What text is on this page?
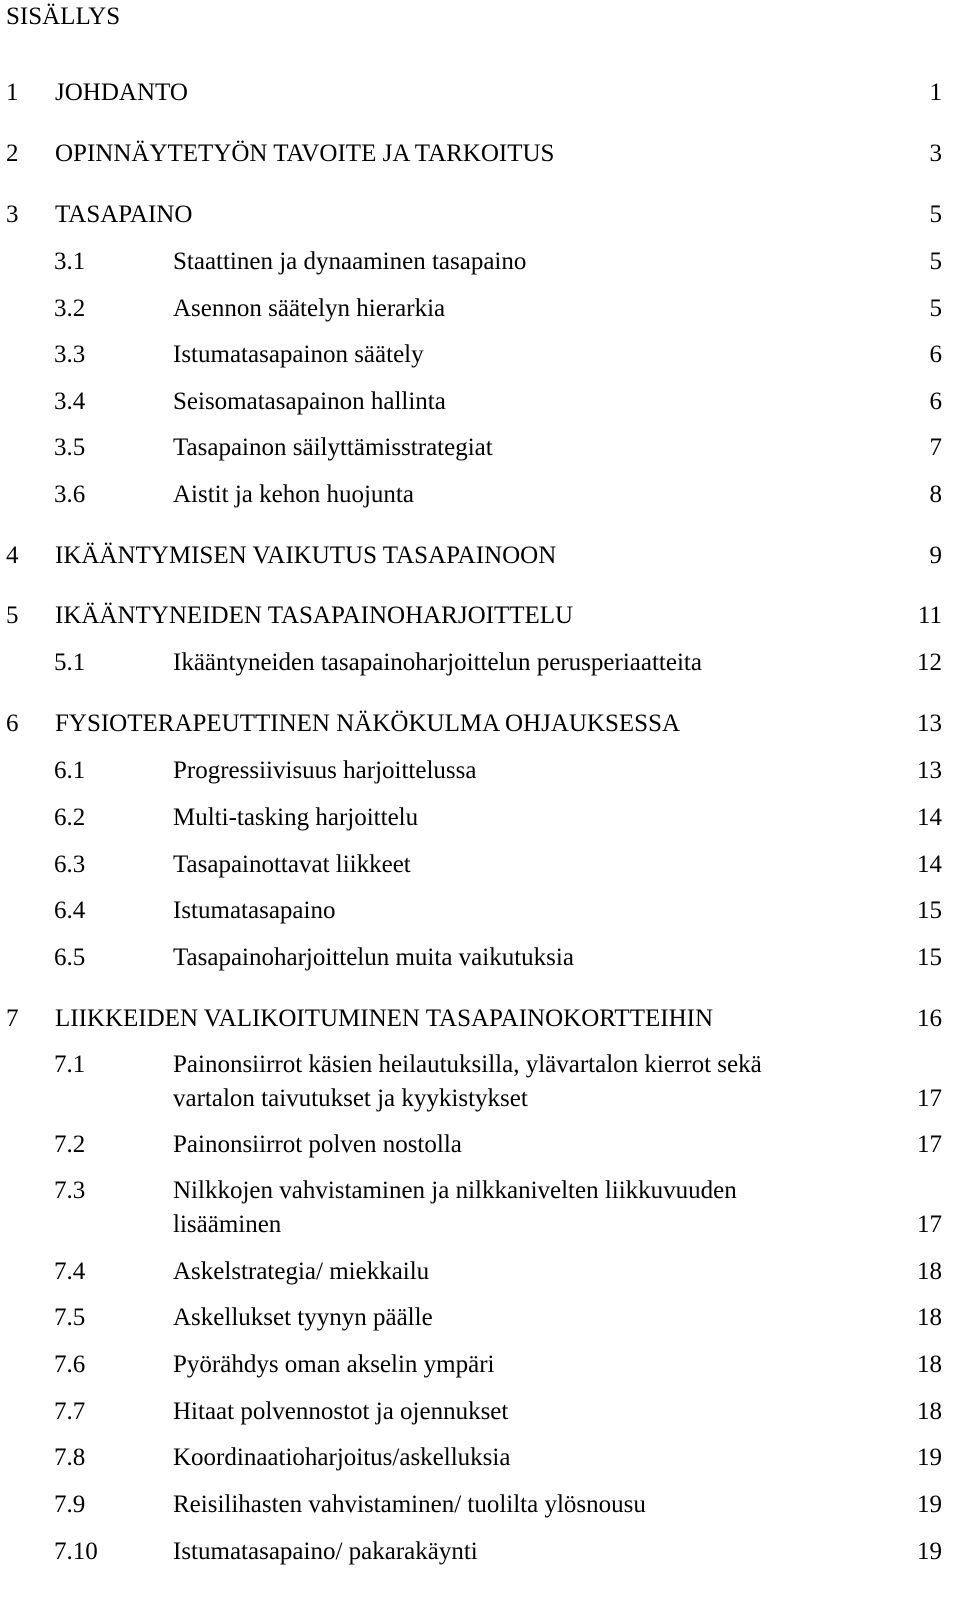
SISÄLLYS
1 JOHDANTO	1
2 OPINNÄYTETYÖN TAVOITE JA TARKOITUS	3
3 TASAPAINO	5
3.1	Staattinen ja dynaaminen tasapaino	5
3.2	Asennon säätelyn hierarkia	5
3.3	Istumatasapainon säätely	6
3.4	Seisomatasapainon hallinta	6
3.5	Tasapainon säilyttämisstrategiat	7
3.6	Aistit ja kehon huojunta	8
4 IKÄÄNTYMISEN VAIKUTUS TASAPAINOON	9
5 IKÄÄNTYNEIDEN TASAPAINOHARJOITTELU	11
5.1	Ikääntyneiden tasapainoharjoittelun perusperiaatteita	12
6 FYSIOTERAPEUTTINEN NÄKÖKULMA OHJAUKSESSA	13
6.1	Progressiivisuus harjoittelussa	13
6.2	Multi-tasking harjoittelu	14
6.3	Tasapainottavat liikkeet	14
6.4	Istumatasapaino	15
6.5	Tasapainoharjoittelun muita vaikutuksia	15
7 LIIKKEIDEN VALIKOITUMINEN TASAPAINOKORTTEIHIN	16
7.1	Painonsiirrot käsien heilautuksilla, ylävartalon kierrot sekä
vartalon taivutukset ja kyykistykset	17
7.2	Painonsiirrot polven nostolla	17
7.3	Nilkkojen vahvistaminen ja nilkkanivelten liikkuvuuden
lisääminen	17
7.4	Askelstrategia/ miekkailu	18
7.5	Askellukset tyynyn päälle	18
7.6	Pyörähdys oman akselin ympäri	18
7.7	Hitaat polvennostot ja ojennukset	18
7.8	Koordinaatioharjoitus/askelluksia	19
7.9	Reisilihasten vahvistaminen/ tuolilta ylösnousu	19
7.10	Istumatasapaino/ pakarakäynti	19
